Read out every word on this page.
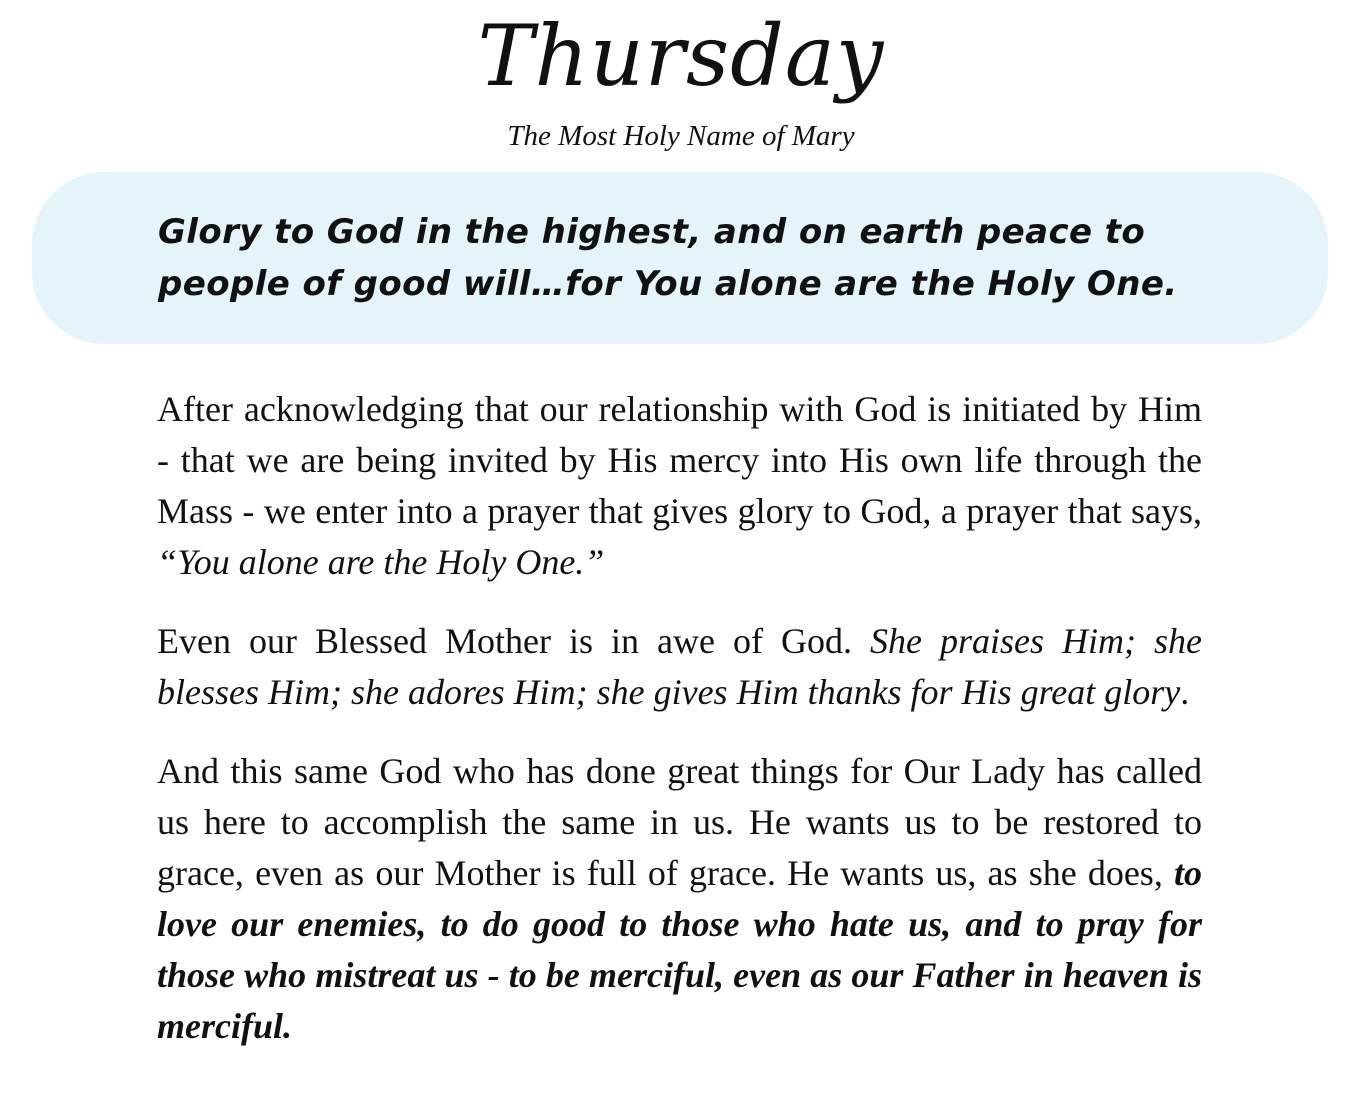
Thursday
The Most Holy Name of Mary

Glory to God in the highest, and on earth peace to people of good will…for You alone are the Holy One.

After acknowledging that our relationship with God is initiated by Him - that we are being invited by His mercy into His own life through the Mass - we enter into a prayer that gives glory to God, a prayer that says, “You alone are the Holy One.”

Even our Blessed Mother is in awe of God. She praises Him; she blesses Him; she adores Him; she gives Him thanks for His great glory.

And this same God who has done great things for Our Lady has called us here to accomplish the same in us. He wants us to be restored to grace, even as our Mother is full of grace. He wants us, as she does, to love our enemies, to do good to those who hate us, and to pray for those who mistreat us - to be merciful, even as our Father in heaven is merciful.
